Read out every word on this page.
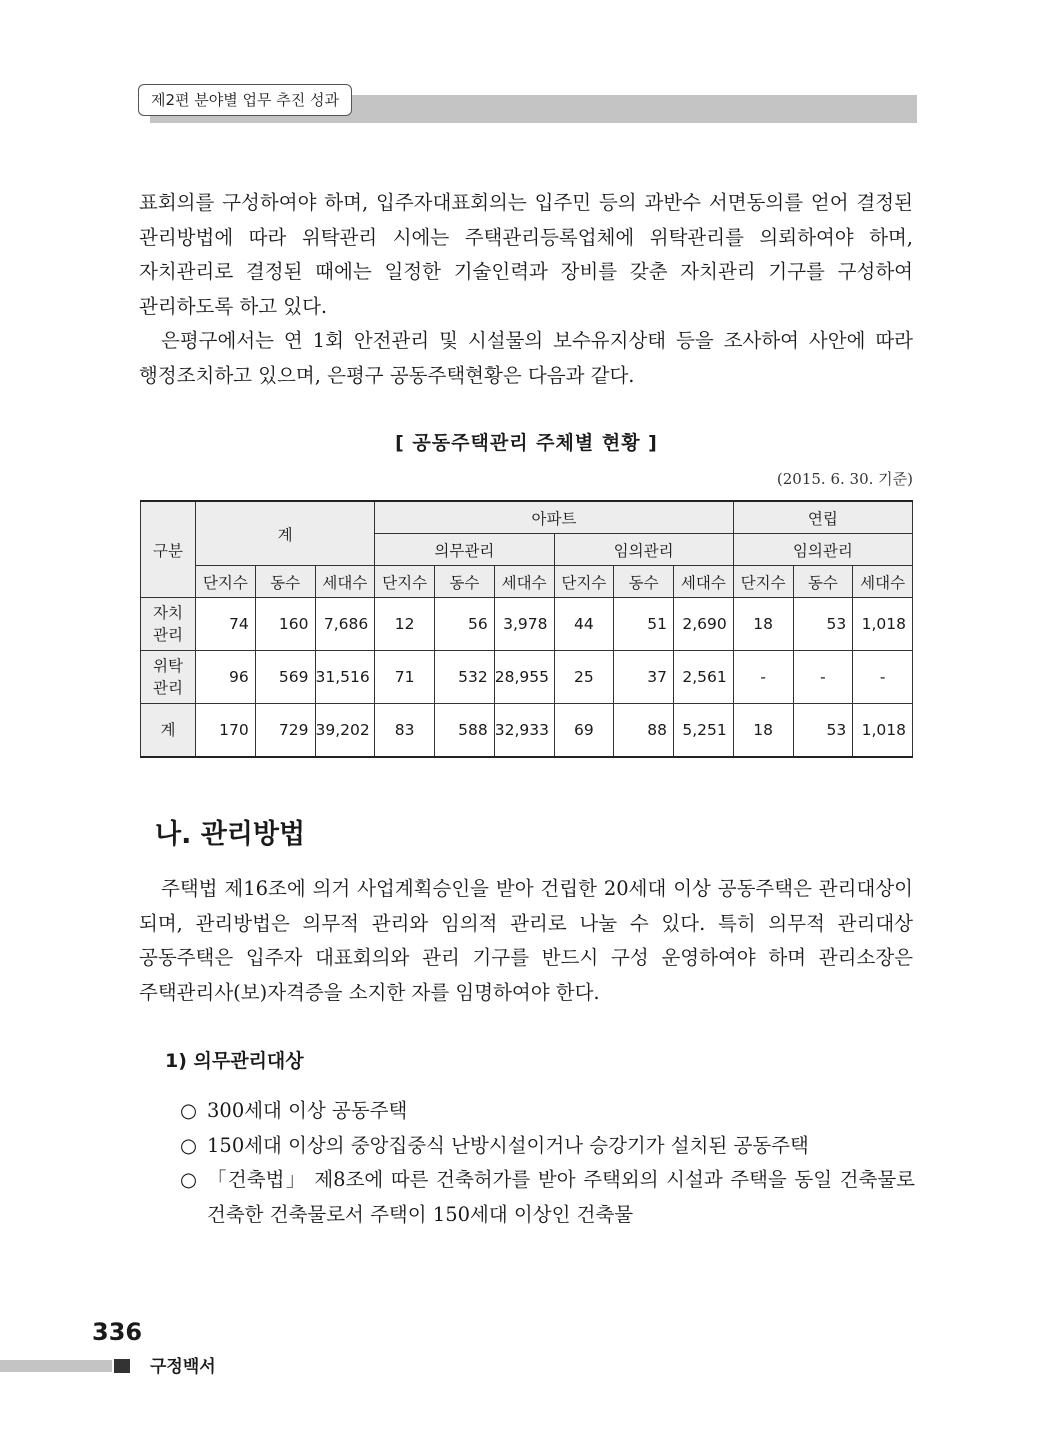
제2편 분야별 업무 추진 성과

표회의를 구성하여야 하며, 입주자대표회의는 입주민 등의 과반수 서면동의를 얻어 결정된 관리방법에 따라 위탁관리 시에는 주택관리등록업체에 위탁관리를 의뢰하여야 하며, 자치관리로 결정된 때에는 일정한 기술인력과 장비를 갖춘 자치관리 기구를 구성하여 관리하도록 하고 있다.

은평구에서는 연 1회 안전관리 및 시설물의 보수유지상태 등을 조사하여 사안에 따라 행정조치하고 있으며, 은평구 공동주택현황은 다음과 같다.

[ 공동주택관리 주체별 현황 ]
(2015. 6. 30. 기준)
구분	계			아파트						연립		
				의무관리			임의관리			임의관리		
	단지수	동수	세대수	단지수	동수	세대수	단지수	동수	세대수	단지수	동수	세대수
자치
관리	74	160	7,686	12	56	3,978	44	51	2,690	18	53	1,018
위탁
관리	96	569	31,516	71	532	28,955	25	37	2,561	-	-	-
계	170	729	39,202	83	588	32,933	69	88	5,251	18	53	1,018
나. 관리방법

주택법 제16조에 의거 사업계획승인을 받아 건립한 20세대 이상 공동주택은 관리대상이 되며, 관리방법은 의무적 관리와 임의적 관리로 나눌 수 있다. 특히 의무적 관리대상 공동주택은 입주자 대표회의와 관리 기구를 반드시 구성 운영하여야 하며 관리소장은 주택관리사(보)자격증을 소지한 자를 임명하여야 한다.

1) 의무관리대상
○ 300세대 이상 공동주택
○ 150세대 이상의 중앙집중식 난방시설이거나 승강기가 설치된 공동주택
○ 「건축법」 제8조에 따른 건축허가를 받아 주택외의 시설과 주택을 동일 건축물로 건축한 건축물로서 주택이 150세대 이상인 건축물
336
구정백서
